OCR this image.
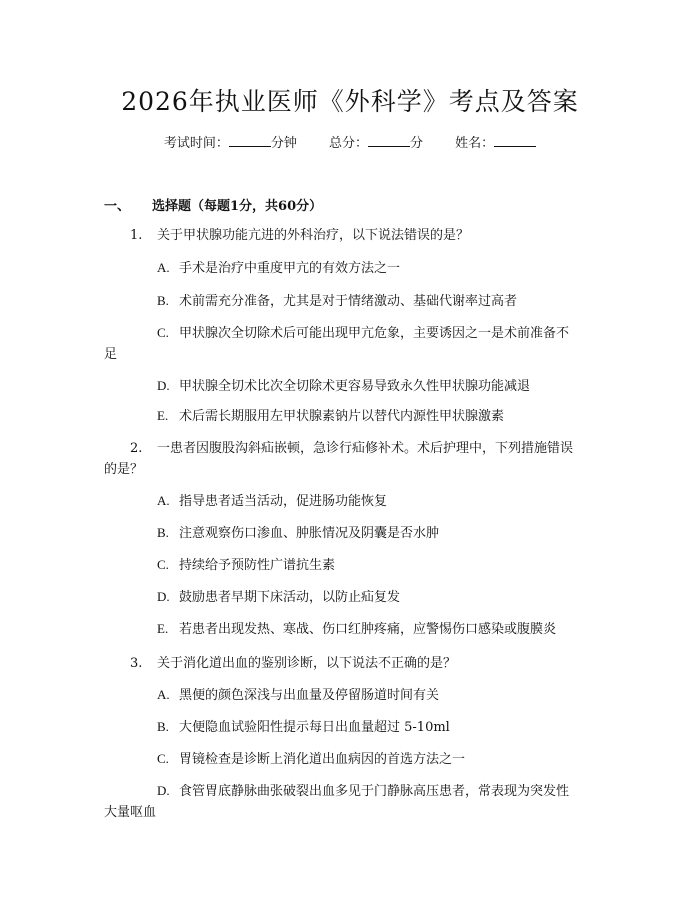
2026年执业医师《外科学》考点及答案
考试时间：	分钟 总分：	分 姓名：
一、 选择题（每题1分，共60分）
1. 关于甲状腺功能亢进的外科治疗，以下说法错误的是？
A. 手术是治疗中重度甲亢的有效方法之一
B. 术前需充分准备，尤其是对于情绪激动、基础代谢率过高者
C. 甲状腺次全切除术后可能出现甲亢危象，主要诱因之一是术前准备不
足
D. 甲状腺全切术比次全切除术更容易导致永久性甲状腺功能减退
E. 术后需长期服用左甲状腺素钠片以替代内源性甲状腺激素
2. 一患者因腹股沟斜疝嵌顿，急诊行疝修补术。术后护理中，下列措施错误
的是？
A. 指导患者适当活动，促进肠功能恢复
B. 注意观察伤口渗血、肿胀情况及阴囊是否水肿
C. 持续给予预防性广谱抗生素
D. 鼓励患者早期下床活动，以防止疝复发
E. 若患者出现发热、寒战、伤口红肿疼痛，应警惕伤口感染或腹膜炎
3. 关于消化道出血的鉴别诊断，以下说法不正确的是？
A. 黑便的颜色深浅与出血量及停留肠道时间有关
B. 大便隐血试验阳性提示每日出血量超过 5-10ml
C. 胃镜检查是诊断上消化道出血病因的首选方法之一
D. 食管胃底静脉曲张破裂出血多见于门静脉高压患者，常表现为突发性
大量呕血
